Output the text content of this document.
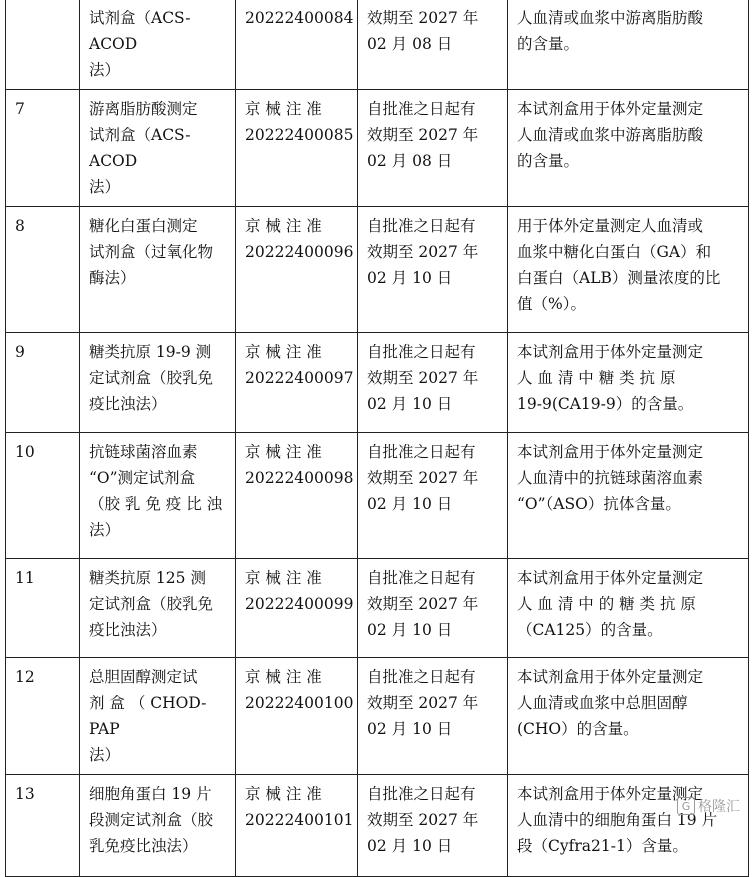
	试剂盒（ACS-ACOD
法）	20222400084	效期至 2027 年
02 月 08 日	人血清或血浆中游离脂肪酸
的含量。
7	游离脂肪酸测定
试剂盒（ACS-ACOD
法）	京 械 注 准
20222400085	自批准之日起有
效期至 2027 年
02 月 08 日	本试剂盒用于体外定量测定
人血清或血浆中游离脂肪酸
的含量。
8	糖化白蛋白测定
试剂盒（过氧化物
酶法）	京 械 注 准
20222400096	自批准之日起有
效期至 2027 年
02 月 10 日	用于体外定量测定人血清或
血浆中糖化白蛋白（GA）和
白蛋白（ALB）测量浓度的比
值（%）。
9	糖类抗原 19-9 测
定试剂盒（胶乳免
疫比浊法）	京 械 注 准
20222400097	自批准之日起有
效期至 2027 年
02 月 10 日	本试剂盒用于体外定量测定
人 血 清 中 糖 类 抗 原
19-9(CA19-9）的含量。
10	抗链球菌溶血素
“O”测定试剂盒
（胶 乳 免 疫 比 浊
法）	京 械 注 准
20222400098	自批准之日起有
效期至 2027 年
02 月 10 日	本试剂盒用于体外定量测定
人血清中的抗链球菌溶血素
“O”（ASO）抗体含量。
11	糖类抗原 125 测
定试剂盒（胶乳免
疫比浊法）	京 械 注 准
20222400099	自批准之日起有
效期至 2027 年
02 月 10 日	本试剂盒用于体外定量测定
人 血 清 中 的 糖 类 抗 原
（CA125）的含量。
12	总胆固醇测定试
剂 盒 （ CHOD-PAP
法）	京 械 注 准
20222400100	自批准之日起有
效期至 2027 年
02 月 10 日	本试剂盒用于体外定量测定
人血清或血浆中总胆固醇
(CHO）的含量。
13	细胞角蛋白 19 片
段测定试剂盒（胶
乳免疫比浊法）	京 械 注 准
20222400101	自批准之日起有
效期至 2027 年
02 月 10 日	本试剂盒用于体外定量测定
人血清中的细胞角蛋白 19 片
段（Cyfra21-1）含量。
G 格隆汇
